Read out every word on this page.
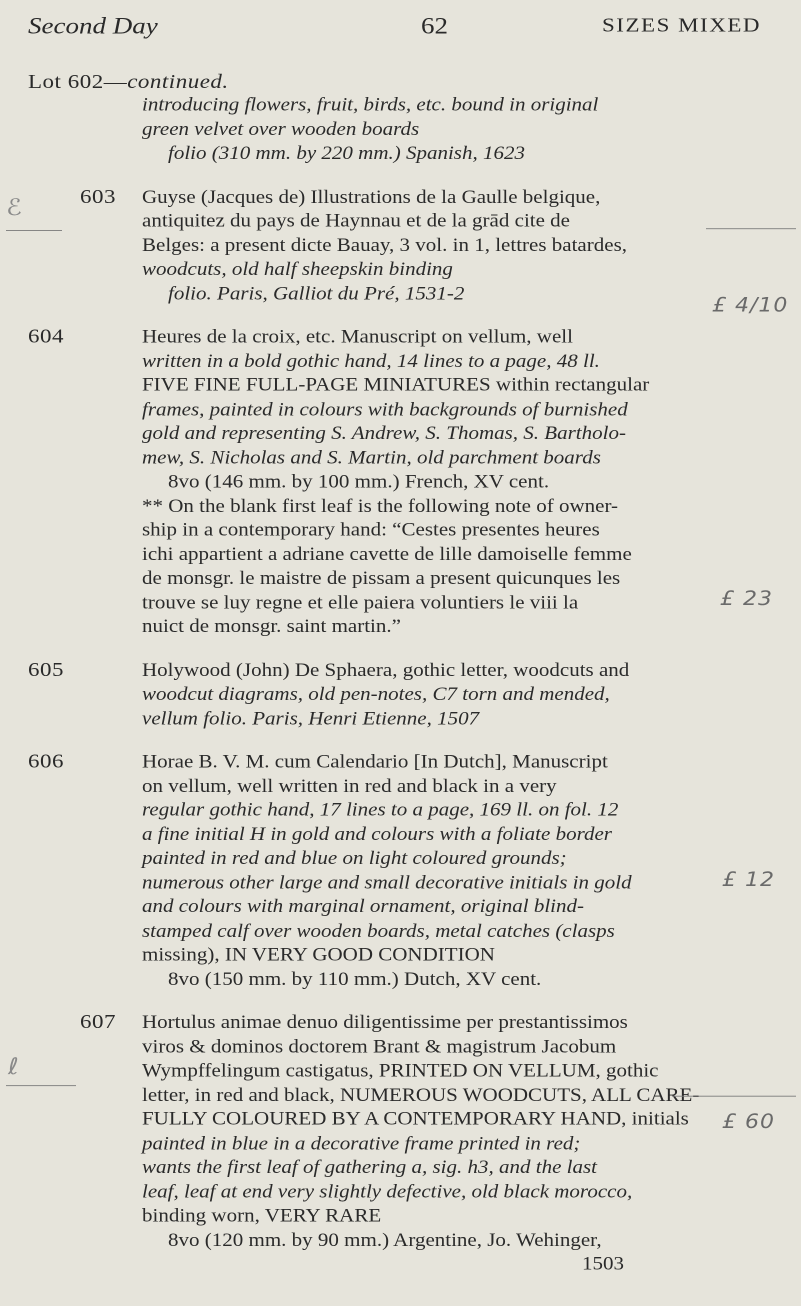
Second Day	62	SIZES MIXED
Lot 602—continued.
introducing flowers, fruit, birds, etc. bound in original
green velvet over wooden boards
folio (310 mm. by 220 mm.) Spanish, 1623
603 Guyse (Jacques de) Illustrations de la Gaulle belgique,
antiquitez du pays de Haynnau et de la grād cite de
Belges: a present dicte Bauay, 3 vol. in 1, lettres batardes,
woodcuts, old half sheepskin binding
folio. Paris, Galliot du Pré, 1531-2
ℰ
£ 4/10
604	Heures de la croix, etc. Manuscript on vellum, well
written in a bold gothic hand, 14 lines to a page, 48 ll.
FIVE FINE FULL-PAGE MINIATURES within rectangular
frames, painted in colours with backgrounds of burnished
gold and representing S. Andrew, S. Thomas, S. Bartholo-
mew, S. Nicholas and S. Martin, old parchment boards
8vo (146 mm. by 100 mm.) French, XV cent.
** On the blank first leaf is the following note of owner-
ship in a contemporary hand: “Cestes presentes heures
ichi appartient a adriane cavette de lille damoiselle femme
de monsgr. le maistre de pissam a present quicunques les
trouve se luy regne et elle paiera voluntiers le viii la
nuict de monsgr. saint martin.”
£ 23
605	Holywood (John) De Sphaera, gothic letter, woodcuts and
woodcut diagrams, old pen-notes, C7 torn and mended,
vellum folio. Paris, Henri Etienne, 1507
606	Horae B. V. M. cum Calendario [In Dutch], Manuscript
on vellum, well written in red and black in a very
regular gothic hand, 17 lines to a page, 169 ll. on fol. 12
a fine initial H in gold and colours with a foliate border
painted in red and blue on light coloured grounds;
numerous other large and small decorative initials in gold
and colours with marginal ornament, original blind-
stamped calf over wooden boards, metal catches (clasps
missing), IN VERY GOOD CONDITION
8vo (150 mm. by 110 mm.) Dutch, XV cent.
£ 12
607 Hortulus animae denuo diligentissime per prestantissimos
viros & dominos doctorem Brant & magistrum Jacobum
Wympffelingum castigatus, PRINTED ON VELLUM, gothic
letter, in red and black, NUMEROUS WOODCUTS, ALL CARE-
FULLY COLOURED BY A CONTEMPORARY HAND, initials
painted in blue in a decorative frame printed in red;
wants the first leaf of gathering a, sig. h3, and the last
leaf, leaf at end very slightly defective, old black morocco,
binding worn, VERY RARE
8vo (120 mm. by 90 mm.) Argentine, Jo. Wehinger,
1503
ℓ
£ 60
